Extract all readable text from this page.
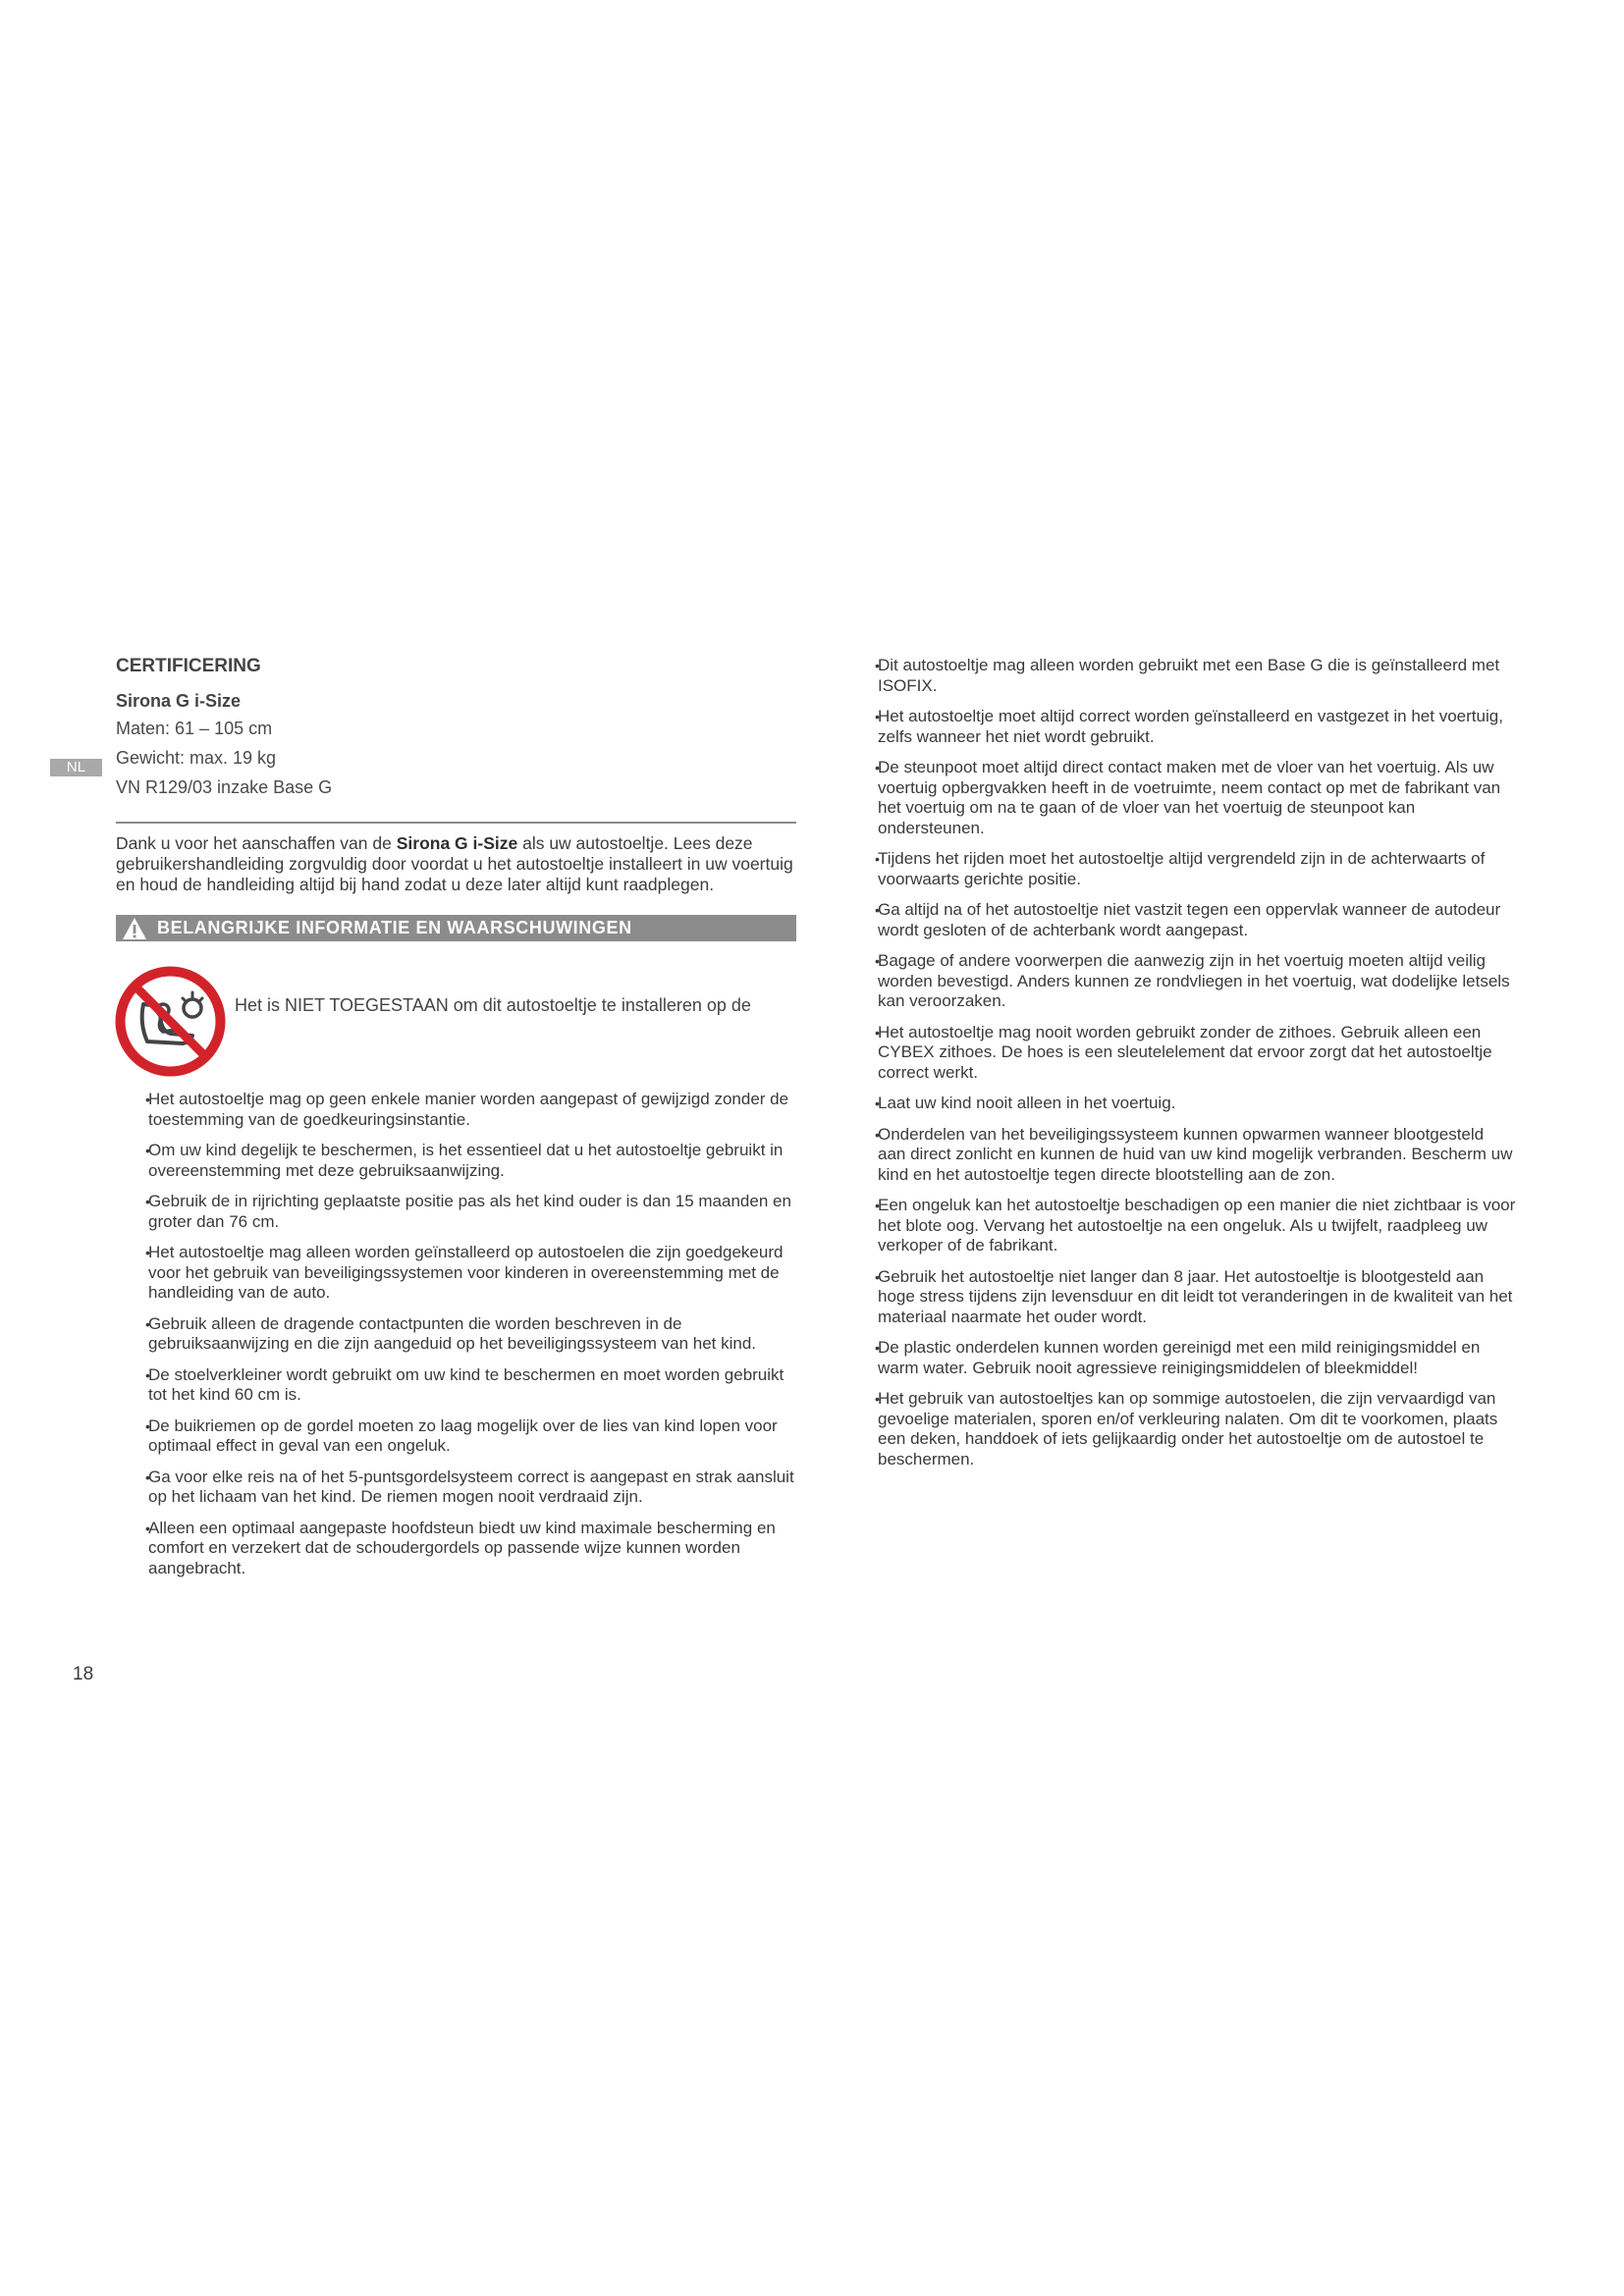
NL
CERTIFICERING
Sirona G i-Size
Maten: 61 – 105 cm
Gewicht: max. 19 kg
VN R129/03 inzake Base G

Dank u voor het aanschaffen van de Sirona G i-Size als uw autostoeltje. Lees deze gebruikershandleiding zorgvuldig door voordat u het autostoeltje installeert in uw voertuig en houd de handleiding altijd bij hand zodat u deze later altijd kunt raadplegen.

BELANGRIJKE INFORMATIE EN WAARSCHUWINGEN
Het is NIET TOEGESTAAN om dit autostoeltje te installeren op de
• Het autostoeltje mag op geen enkele manier worden aangepast of gewijzigd zonder de toestemming van de goedkeuringsinstantie.
• Om uw kind degelijk te beschermen, is het essentieel dat u het autostoeltje gebruikt in overeenstemming met deze gebruiksaanwijzing.
• Gebruik de in rijrichting geplaatste positie pas als het kind ouder is dan 15 maanden en groter dan 76 cm.
• Het autostoeltje mag alleen worden geïnstalleerd op autostoelen die zijn goedgekeurd voor het gebruik van beveiligingssystemen voor kinderen in overeenstemming met de handleiding van de auto.
• Gebruik alleen de dragende contactpunten die worden beschreven in de gebruiksaanwijzing en die zijn aangeduid op het beveiligingssysteem van het kind.
• De stoelverkleiner wordt gebruikt om uw kind te beschermen en moet worden gebruikt tot het kind 60 cm is.
• De buikriemen op de gordel moeten zo laag mogelijk over de lies van kind lopen voor optimaal effect in geval van een ongeluk.
• Ga voor elke reis na of het 5-puntsgordelsysteem correct is aangepast en strak aansluit op het lichaam van het kind. De riemen mogen nooit verdraaid zijn.
• Alleen een optimaal aangepaste hoofdsteun biedt uw kind maximale bescherming en comfort en verzekert dat de schoudergordels op passende wijze kunnen worden aangebracht.
• Dit autostoeltje mag alleen worden gebruikt met een Base G die is geïnstalleerd met ISOFIX.
• Het autostoeltje moet altijd correct worden geïnstalleerd en vastgezet in het voertuig, zelfs wanneer het niet wordt gebruikt.
• De steunpoot moet altijd direct contact maken met de vloer van het voertuig. Als uw voertuig opbergvakken heeft in de voetruimte, neem contact op met de fabrikant van het voertuig om na te gaan of de vloer van het voertuig de steunpoot kan ondersteunen.
• Tijdens het rijden moet het autostoeltje altijd vergrendeld zijn in de achterwaarts of voorwaarts gerichte positie.
• Ga altijd na of het autostoeltje niet vastzit tegen een oppervlak wanneer de autodeur wordt gesloten of de achterbank wordt aangepast.
• Bagage of andere voorwerpen die aanwezig zijn in het voertuig moeten altijd veilig worden bevestigd. Anders kunnen ze rondvliegen in het voertuig, wat dodelijke letsels kan veroorzaken.
• Het autostoeltje mag nooit worden gebruikt zonder de zithoes. Gebruik alleen een CYBEX zithoes. De hoes is een sleutelelement dat ervoor zorgt dat het autostoeltje correct werkt.
• Laat uw kind nooit alleen in het voertuig.
• Onderdelen van het beveiligingssysteem kunnen opwarmen wanneer blootgesteld aan direct zonlicht en kunnen de huid van uw kind mogelijk verbranden. Bescherm uw kind en het autostoeltje tegen directe blootstelling aan de zon.
• Een ongeluk kan het autostoeltje beschadigen op een manier die niet zichtbaar is voor het blote oog. Vervang het autostoeltje na een ongeluk. Als u twijfelt, raadpleeg uw verkoper of de fabrikant.
• Gebruik het autostoeltje niet langer dan 8 jaar. Het autostoeltje is blootgesteld aan hoge stress tijdens zijn levensduur en dit leidt tot veranderingen in de kwaliteit van het materiaal naarmate het ouder wordt.
• De plastic onderdelen kunnen worden gereinigd met een mild reinigingsmiddel en warm water. Gebruik nooit agressieve reinigingsmiddelen of bleekmiddel!
• Het gebruik van autostoeltjes kan op sommige autostoelen, die zijn vervaardigd van gevoelige materialen, sporen en/of verkleuring nalaten. Om dit te voorkomen, plaats een deken, handdoek of iets gelijkaardig onder het autostoeltje om de autostoel te beschermen.
18
